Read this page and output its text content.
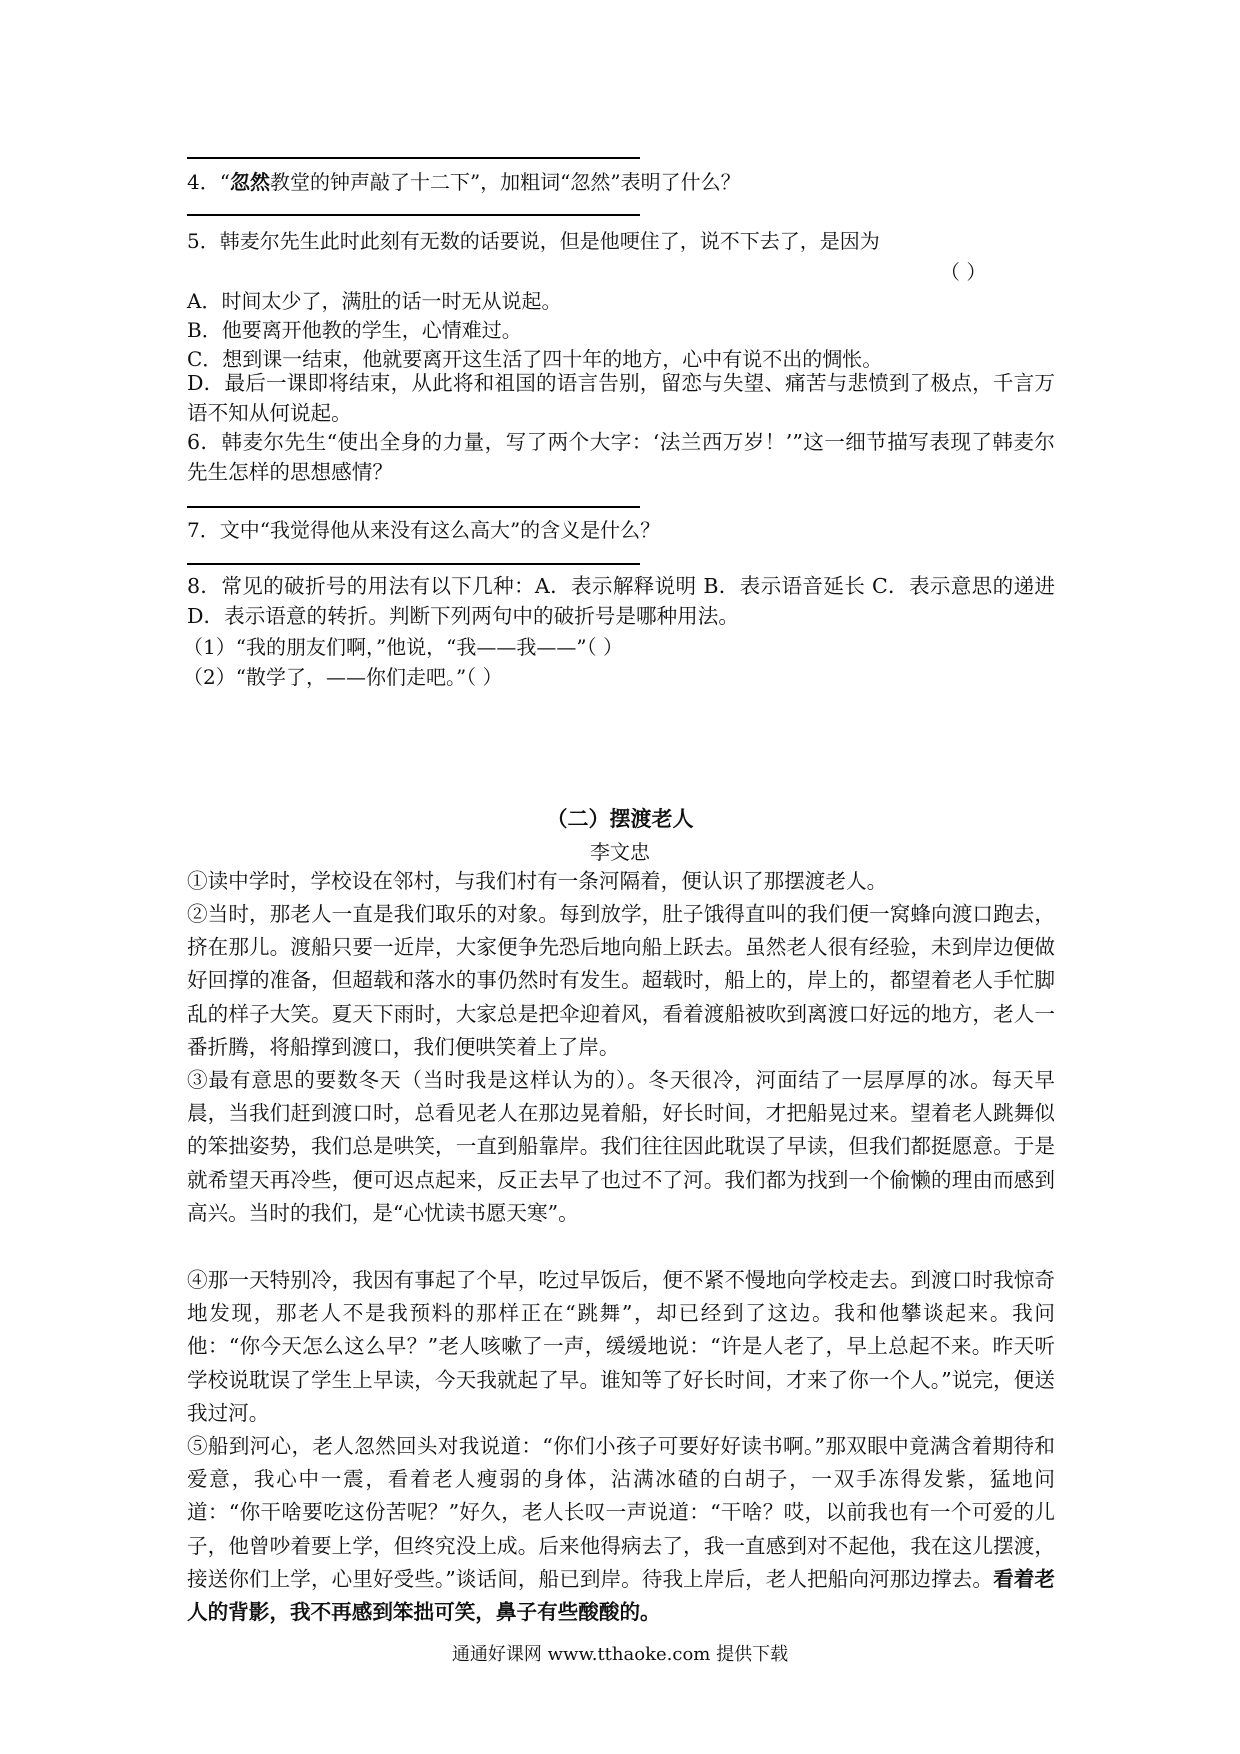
4．“忽然教堂的钟声敲了十二下”，加粗词“忽然”表明了什么？
5．韩麦尔先生此时此刻有无数的话要说，但是他哽住了，说不下去了，是因为
（ ）
A．时间太少了，满肚的话一时无从说起。
B．他要离开他教的学生，心情难过。
C．想到课一结束，他就要离开这生活了四十年的地方，心中有说不出的惆怅。

D．最后一课即将结束，从此将和祖国的语言告别，留恋与失望、痛苦与悲愤到了极点，千言万语不知从何说起。

6．韩麦尔先生“使出全身的力量，写了两个大字：‘法兰西万岁！’”这一细节描写表现了韩麦尔先生怎样的思想感情？

7．文中“我觉得他从来没有这么高大”的含义是什么？

8．常见的破折号的用法有以下几种：A．表示解释说明 B．表示语音延长 C．表示意思的递进 D．表示语意的转折。判断下列两句中的破折号是哪种用法。

（1）“我的朋友们啊，”他说，“我——我——”（ ）
（2）“散学了，——你们走吧。”（ ）
（二）摆渡老人
李文忠

①读中学时，学校设在邻村，与我们村有一条河隔着，便认识了那摆渡老人。

②当时，那老人一直是我们取乐的对象。每到放学，肚子饿得直叫的我们便一窝蜂向渡口跑去，挤在那儿。渡船只要一近岸，大家便争先恐后地向船上跃去。虽然老人很有经验，未到岸边便做好回撑的准备，但超载和落水的事仍然时有发生。超载时，船上的，岸上的，都望着老人手忙脚乱的样子大笑。夏天下雨时，大家总是把伞迎着风，看着渡船被吹到离渡口好远的地方，老人一番折腾，将船撑到渡口，我们便哄笑着上了岸。

③最有意思的要数冬天（当时我是这样认为的）。冬天很冷，河面结了一层厚厚的冰。每天早晨，当我们赶到渡口时，总看见老人在那边晃着船，好长时间，才把船晃过来。望着老人跳舞似的笨拙姿势，我们总是哄笑，一直到船靠岸。我们往往因此耽误了早读，但我们都挺愿意。于是就希望天再冷些，便可迟点起来，反正去早了也过不了河。我们都为找到一个偷懒的理由而感到高兴。当时的我们，是“心忧读书愿天寒”。

④那一天特别冷，我因有事起了个早，吃过早饭后，便不紧不慢地向学校走去。到渡口时我惊奇地发现，那老人不是我预料的那样正在“跳舞”，却已经到了这边。我和他攀谈起来。我问他：“你今天怎么这么早？”老人咳嗽了一声，缓缓地说：“许是人老了，早上总起不来。昨天听学校说耽误了学生上早读，今天我就起了早。谁知等了好长时间，才来了你一个人。”说完，便送我过河。

⑤船到河心，老人忽然回头对我说道：“你们小孩子可要好好读书啊。”那双眼中竟满含着期待和爱意，我心中一震，看着老人瘦弱的身体，沾满冰碴的白胡子，一双手冻得发紫，猛地问道：“你干啥要吃这份苦呢？”好久，老人长叹一声说道：“干啥？哎，以前我也有一个可爱的儿子，他曾吵着要上学，但终究没上成。后来他得病去了，我一直感到对不起他，我在这儿摆渡，接送你们上学，心里好受些。”谈话间，船已到岸。待我上岸后，老人把船向河那边撑去。看着老人的背影，我不再感到笨拙可笑，鼻子有些酸酸的。

通通好课网 www.tthaoke.com 提供下载
